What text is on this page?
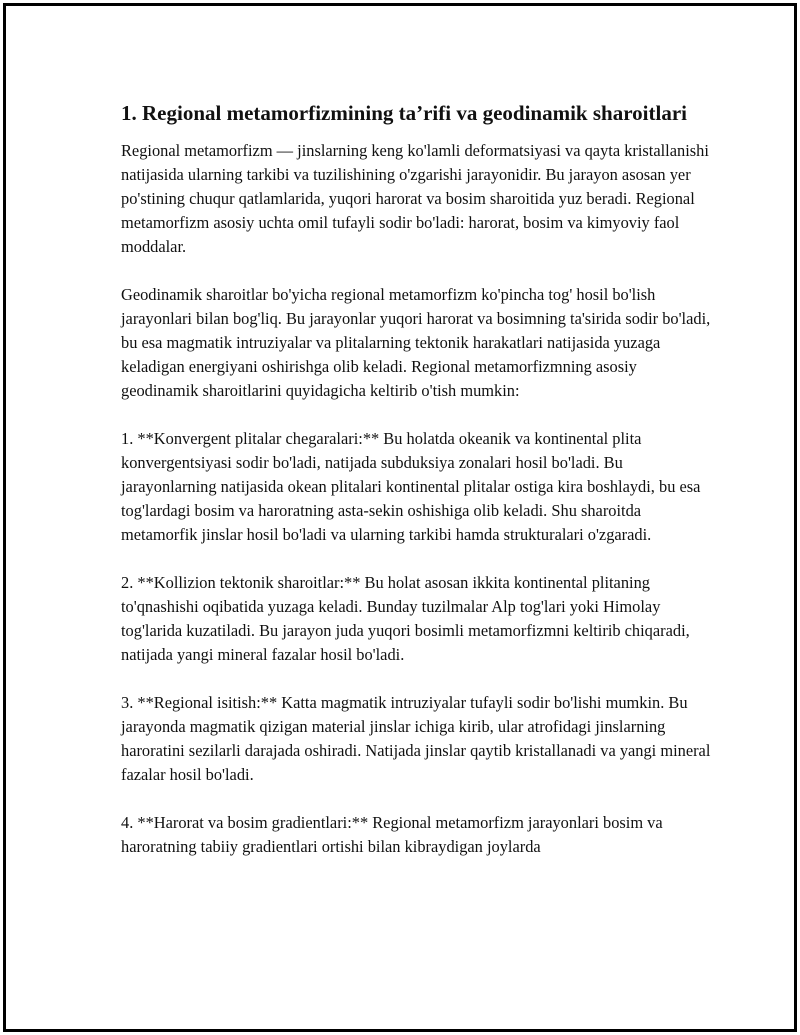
1. Regional metamorfizmining ta’rifi va geodinamik sharoitlari

Regional metamorfizm — jinslarning keng ko'lamli deformatsiyasi va qayta kristallanishi natijasida ularning tarkibi va tuzilishining o'zgarishi jarayonidir. Bu jarayon asosan yer po'stining chuqur qatlamlarida, yuqori harorat va bosim sharoitida yuz beradi. Regional metamorfizm asosiy uchta omil tufayli sodir bo'ladi: harorat, bosim va kimyoviy faol moddalar.

Geodinamik sharoitlar bo'yicha regional metamorfizm ko'pincha tog' hosil bo'lish jarayonlari bilan bog'liq. Bu jarayonlar yuqori harorat va bosimning ta'sirida sodir bo'ladi, bu esa magmatik intruziyalar va plitalarning tektonik harakatlari natijasida yuzaga keladigan energiyani oshirishga olib keladi. Regional metamorfizmning asosiy geodinamik sharoitlarini quyidagicha keltirib o'tish mumkin:

1. **Konvergent plitalar chegaralari:** Bu holatda okeanik va kontinental plita konvergentsiyasi sodir bo'ladi, natijada subduksiya zonalari hosil bo'ladi. Bu jarayonlarning natijasida okean plitalari kontinental plitalar ostiga kira boshlaydi, bu esa tog'lardagi bosim va haroratning asta-sekin oshishiga olib keladi. Shu sharoitda metamorfik jinslar hosil bo'ladi va ularning tarkibi hamda strukturalari o'zgaradi.

2. **Kollizion tektonik sharoitlar:** Bu holat asosan ikkita kontinental plitaning to'qnashishi oqibatida yuzaga keladi. Bunday tuzilmalar Alp tog'lari yoki Himolay tog'larida kuzatiladi. Bu jarayon juda yuqori bosimli metamorfizmni keltirib chiqaradi, natijada yangi mineral fazalar hosil bo'ladi.

3. **Regional isitish:** Katta magmatik intruziyalar tufayli sodir bo'lishi mumkin. Bu jarayonda magmatik qizigan material jinslar ichiga kirib, ular atrofidagi jinslarning haroratini sezilarli darajada oshiradi. Natijada jinslar qaytib kristallanadi va yangi mineral fazalar hosil bo'ladi.

4. **Harorat va bosim gradientlari:** Regional metamorfizm jarayonlari bosim va haroratning tabiiy gradientlari ortishi bilan kibraydigan joylarda
